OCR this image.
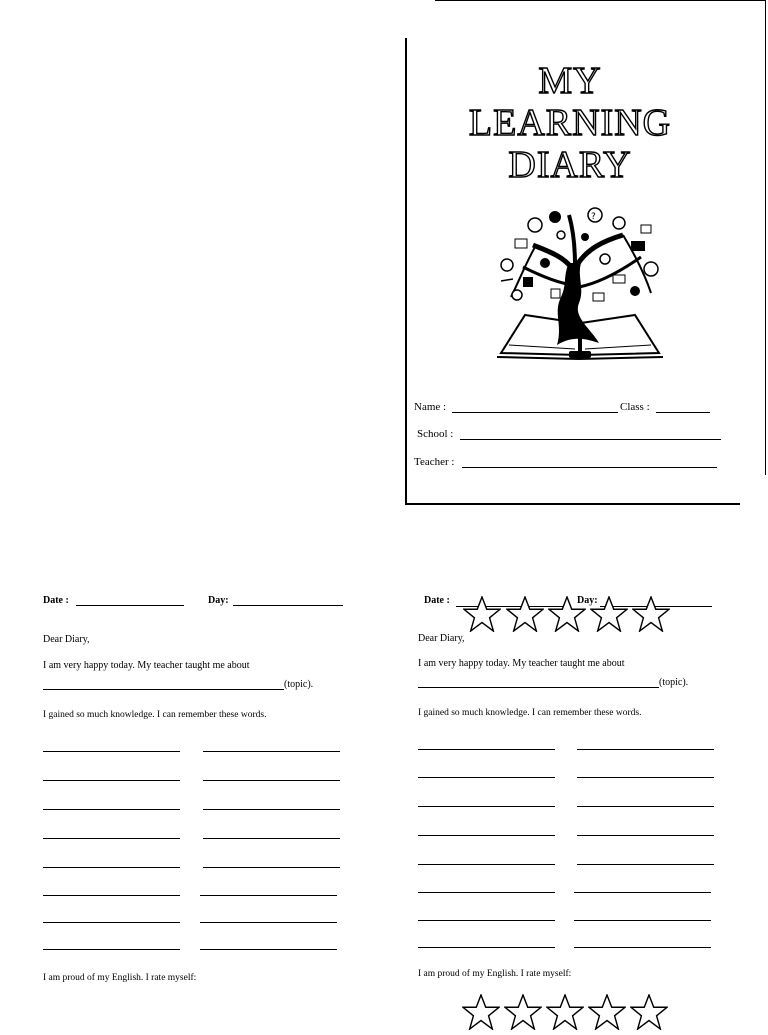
MY
LEARNING
DIARY
?
Name :	Class :
School :
Teacher :
Date :	Day:
Dear Diary,
I am very happy today. My teacher taught me about
(topic).
I gained so much knowledge. I can remember these words.
I am proud of my English. I rate myself:
Date :	Day:
Dear Diary,
I am very happy today. My teacher taught me about
(topic).
I gained so much knowledge. I can remember these words.
I am proud of my English. I rate myself:
